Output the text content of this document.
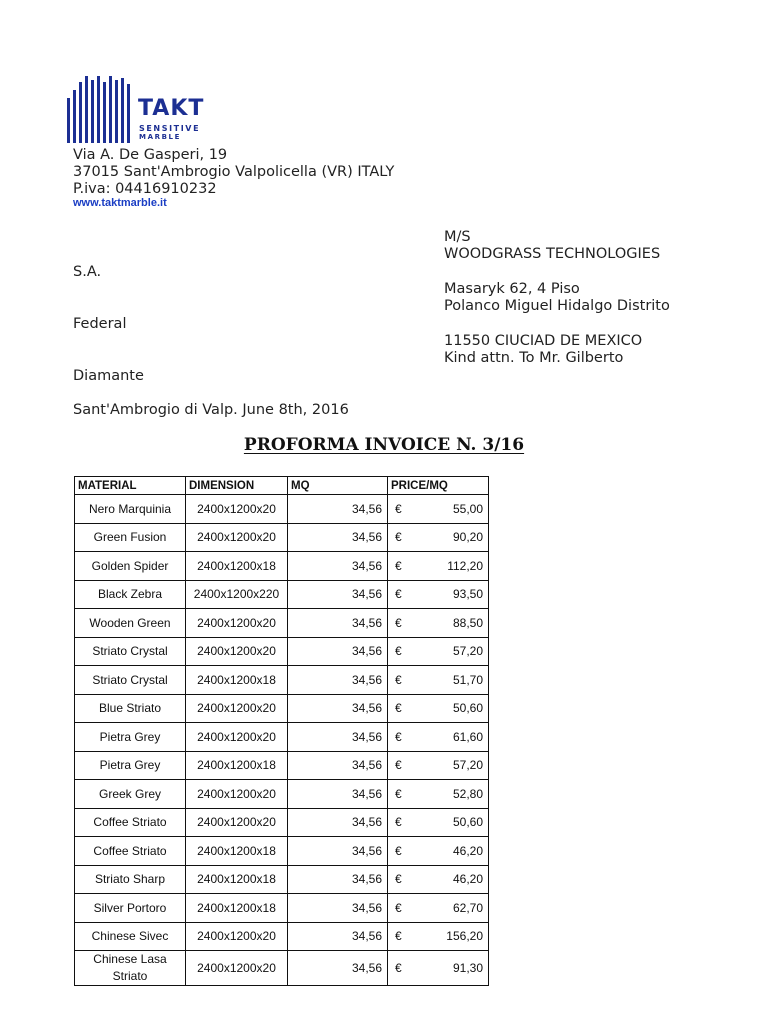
TAKT
SENSITIVE
MARBLE
Via A. De Gasperi, 19
37015 Sant'Ambrogio Valpolicella (VR) ITALY
P.iva: 04416910232
www.taktmarble.it
M/S
WOODGRASS TECHNOLOGIES
S.A.
Masaryk 62, 4 Piso
Polanco Miguel Hidalgo Distrito
Federal
11550 CIUCIAD DE MEXICO
Kind attn. To Mr. Gilberto
Diamante
Sant'Ambrogio di Valp. June 8th, 2016
PROFORMA INVOICE N. 3/16
MATERIAL	DIMENSION	MQ	PRICE/MQ
Nero Marquinia	2400x1200x20	34,56	€ 55,00

Green Fusion	2400x1200x20	34,56	€ 90,20

Golden Spider	2400x1200x18	34,56	€ 112,20

Black Zebra	2400x1200x220	34,56	€ 93,50

Wooden Green	2400x1200x20	34,56	€ 88,50

Striato Crystal	2400x1200x20	34,56	€ 57,20

Striato Crystal	2400x1200x18	34,56	€ 51,70

Blue Striato	2400x1200x20	34,56	€ 50,60

Pietra Grey	2400x1200x20	34,56	€ 61,60

Pietra Grey	2400x1200x18	34,56	€ 57,20

Greek Grey	2400x1200x20	34,56	€ 52,80

Coffee Striato	2400x1200x20	34,56	€ 50,60

Coffee Striato	2400x1200x18	34,56	€ 46,20

Striato Sharp	2400x1200x18	34,56	€ 46,20

Silver Portoro	2400x1200x18	34,56	€ 62,70

Chinese Sivec	2400x1200x20	34,56	€ 156,20

Chinese Lasa Striato	2400x1200x20	34,56	€ 91,30
